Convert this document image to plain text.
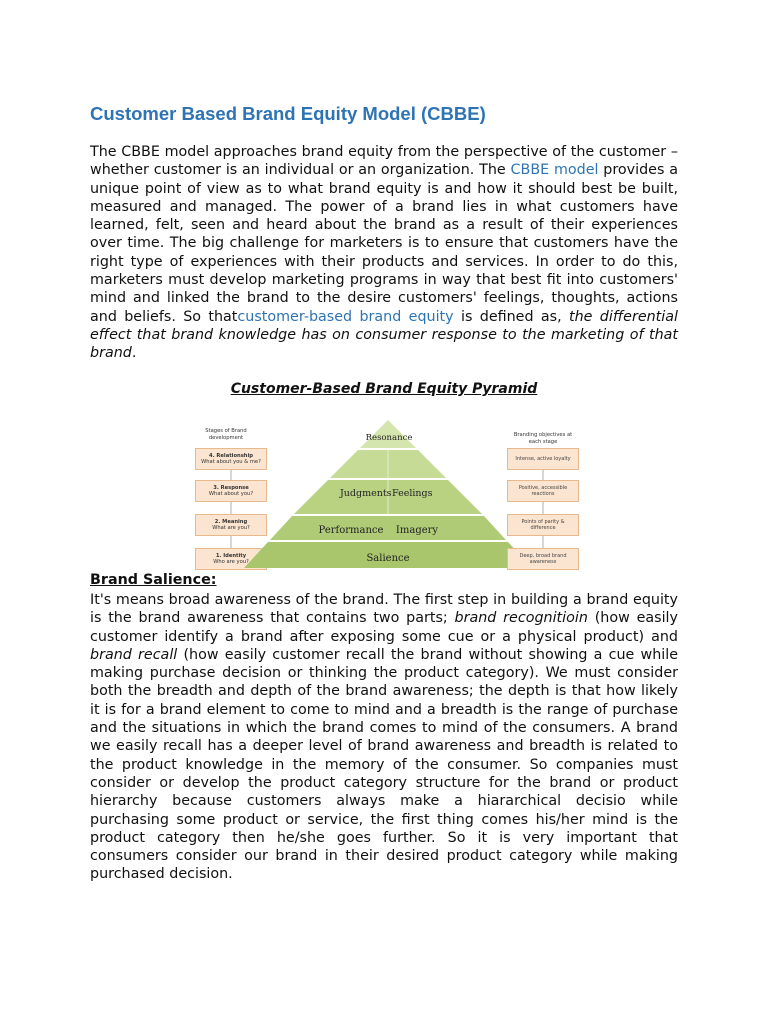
Customer Based Brand Equity Model (CBBE)

The CBBE model approaches brand equity from the perspective of the customer – whether customer is an individual or an organization. The CBBE model provides a unique point of view as to what brand equity is and how it should best be built, measured and managed. The power of a brand lies in what customers have learned, felt, seen and heard about the brand as a result of their experiences over time. The big challenge for marketers is to ensure that customers have the right type of experiences with their products and services. In order to do this, marketers must develop marketing programs in way that best fit into customers' mind and linked the brand to the desire customers' feelings, thoughts, actions and beliefs. So thatcustomer-based brand equity is defined as, the differential effect that brand knowledge has on consumer response to the marketing of that brand.

Customer-Based Brand Equity Pyramid

Brand Salience:

It's means broad awareness of the brand. The first step in building a brand equity is the brand awareness that contains two parts; brand recognitioin (how easily customer identify a brand after exposing some cue or a physical product) and brand recall (how easily customer recall the brand without showing a cue while making purchase decision or thinking the product category). We must consider both the breadth and depth of the brand awareness; the depth is that how likely it is for a brand element to come to mind and a breadth is the range of purchase and the situations in which the brand comes to mind of the consumers. A brand we easily recall has a deeper level of brand awareness and breadth is related to the product knowledge in the memory of the consumer. So companies must consider or develop the product category structure for the brand or product hierarchy because customers always make a hiararchical decisio while purchasing some product or service, the first thing comes his/her mind is the product category then he/she goes further. So it is very important that consumers consider our brand in their desired product category while making purchased decision.

Stages of Brand development
4. Relationship
What about you & me?
3. Response
What about you?
2. Meaning
What are you?
1. Identity
Who are you?
Resonance
Judgments Feelings
Performance	Imagery
Salience
Branding objectives at each stage
Intense, active loyalty
Positive, accessible reactions
Points of parity & difference
Deep, broad brand awareness
